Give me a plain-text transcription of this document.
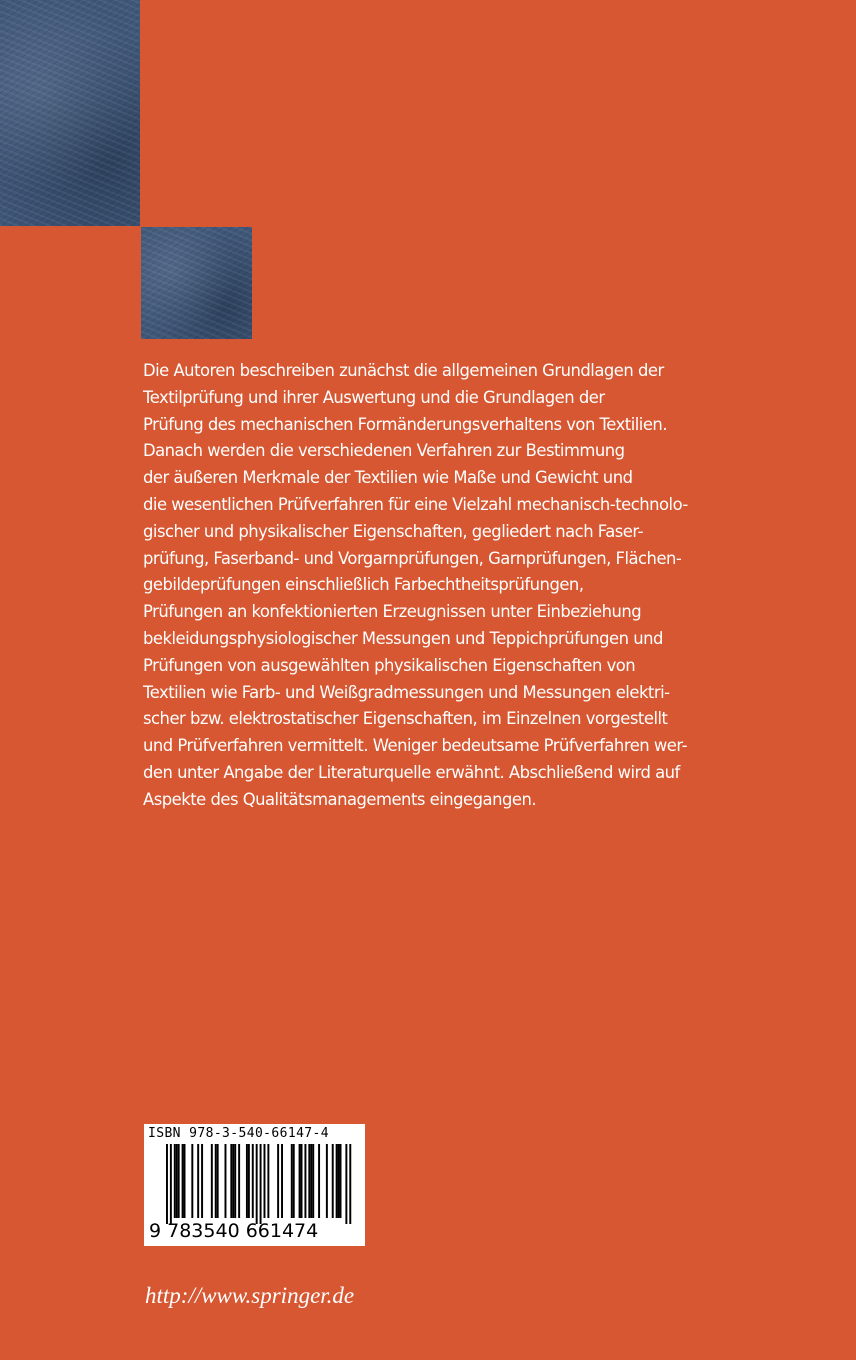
Die Autoren beschreiben zunächst die allgemeinen Grundlagen der
Textilprüfung und ihrer Auswertung und die Grundlagen der
Prüfung des mechanischen Formänderungsverhaltens von Textilien.
Danach werden die verschiedenen Verfahren zur Bestimmung
der äußeren Merkmale der Textilien wie Maße und Gewicht und
die wesentlichen Prüfverfahren für eine Vielzahl mechanisch-technolo-
gischer und physikalischer Eigenschaften, gegliedert nach Faser-
prüfung, Faserband- und Vorgarnprüfungen, Garnprüfungen, Flächen-
gebildeprüfungen einschließlich Farbechtheitsprüfungen,
Prüfungen an konfektionierten Erzeugnissen unter Einbeziehung
bekleidungsphysiologischer Messungen und Teppichprüfungen und
Prüfungen von ausgewählten physikalischen Eigenschaften von
Textilien wie Farb- und Weißgradmessungen und Messungen elektri-
scher bzw. elektrostatischer Eigenschaften, im Einzelnen vorgestellt
und Prüfverfahren vermittelt. Weniger bedeutsame Prüfverfahren wer-
den unter Angabe der Literaturquelle erwähnt. Abschließend wird auf
Aspekte des Qualitätsmanagements eingegangen.

ISBN 978-3-540-66147-4
9 783540 661474
http://www.springer.de
